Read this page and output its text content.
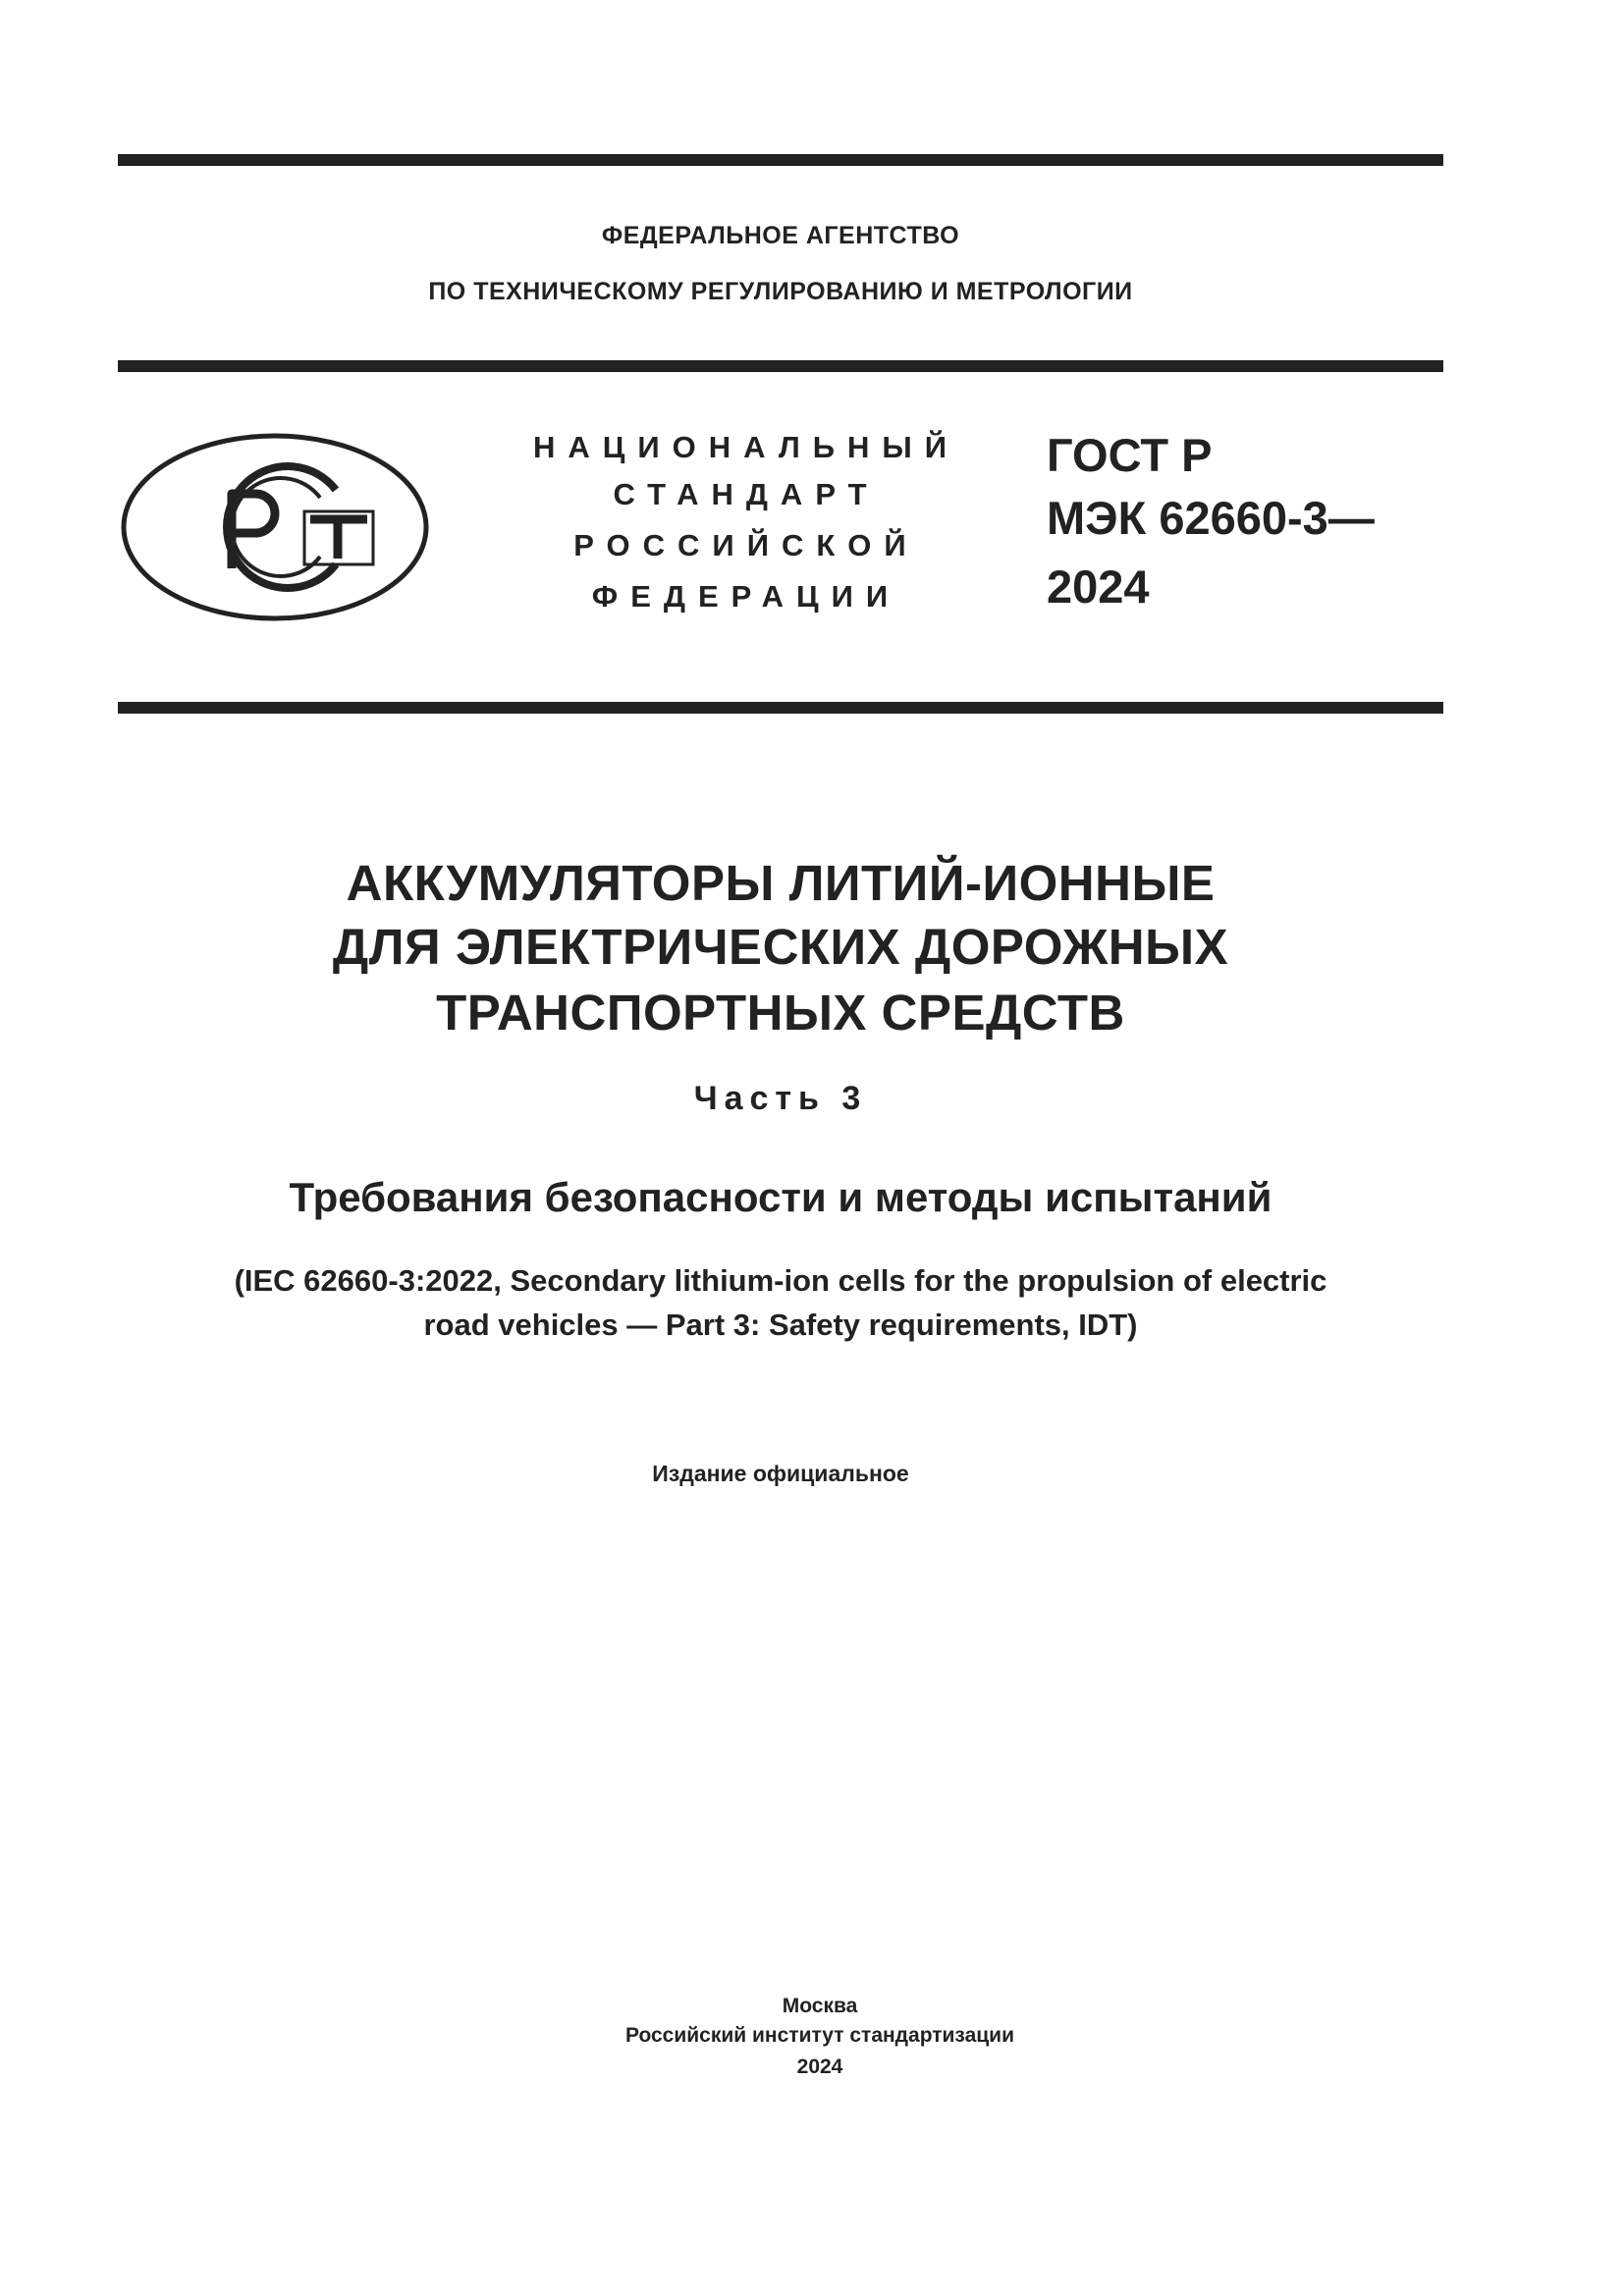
ФЕДЕРАЛЬНОЕ АГЕНТСТВО
ПО ТЕХНИЧЕСКОМУ РЕГУЛИРОВАНИЮ И МЕТРОЛОГИИ
НАЦИОНАЛЬНЫЙ
СТАНДАРТ
РОССИЙСКОЙ
ФЕДЕРАЦИИ
ГОСТ Р
МЭК 62660-3—
2024
АККУМУЛЯТОРЫ ЛИТИЙ-ИОННЫЕ
ДЛЯ ЭЛЕКТРИЧЕСКИХ ДОРОЖНЫХ
ТРАНСПОРТНЫХ СРЕДСТВ
Часть 3
Требования безопасности и методы испытаний
(IEC 62660-3:2022, Secondary lithium-ion cells for the propulsion of electric
road vehicles — Part 3: Safety requirements, IDT)
Издание официальное
Москва
Российский институт стандартизации
2024
